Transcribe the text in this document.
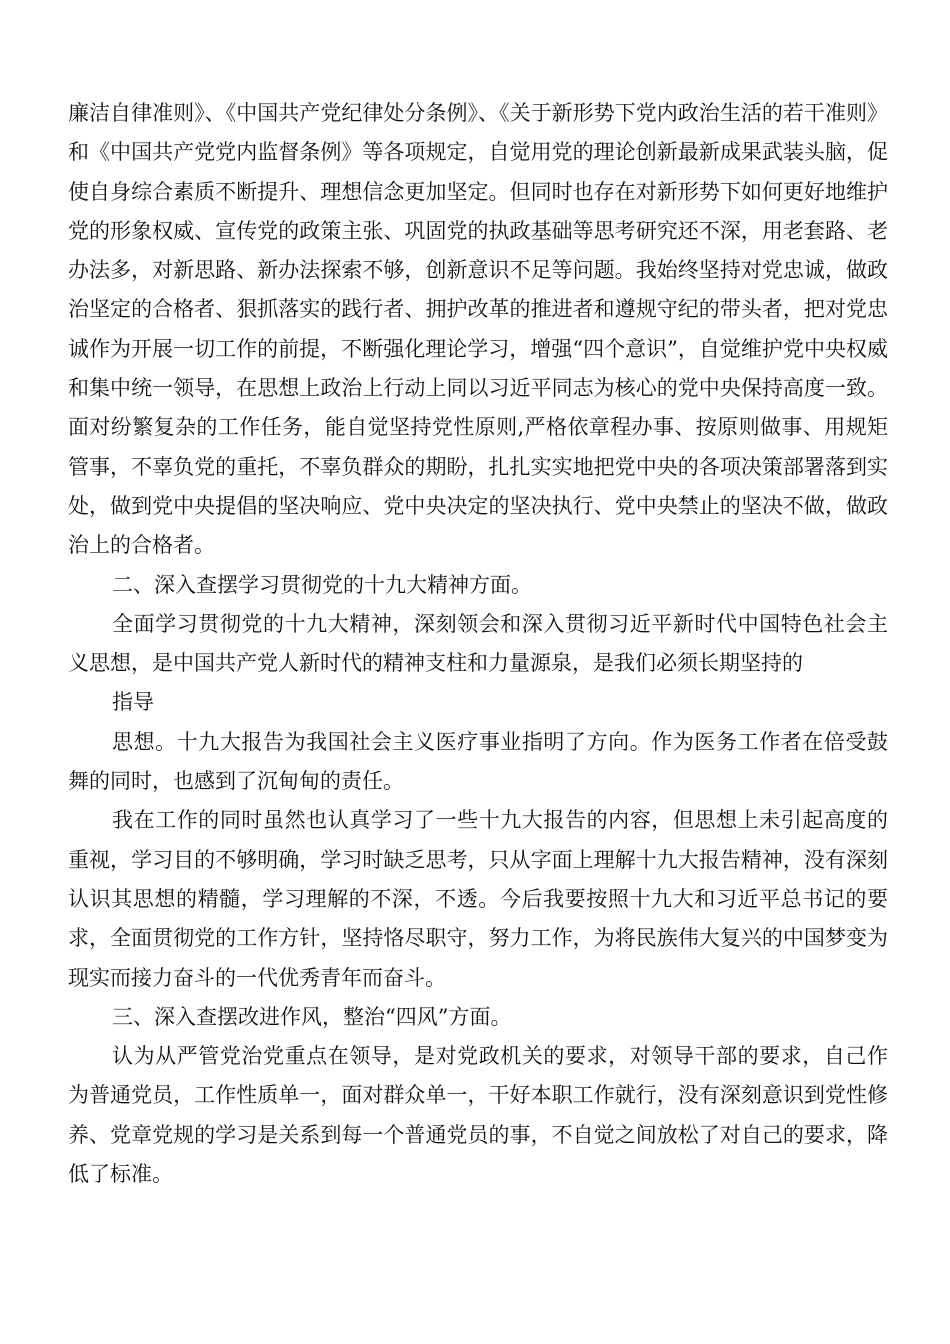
廉洁自律准则》、《中国共产党纪律处分条例》、《关于新形势下党内政治生活的若干准则》和《中国共产党党内监督条例》等各项规定，自觉用党的理论创新最新成果武装头脑，促使自身综合素质不断提升、理想信念更加坚定。但同时也存在对新形势下如何更好地维护党的形象权威、宣传党的政策主张、巩固党的执政基础等思考研究还不深，用老套路、老办法多，对新思路、新办法探索不够，创新意识不足等问题。我始终坚持对党忠诚，做政治坚定的合格者、狠抓落实的践行者、拥护改革的推进者和遵规守纪的带头者，把对党忠诚作为开展一切工作的前提，不断强化理论学习，增强“四个意识”，自觉维护党中央权威和集中统一领导，在思想上政治上行动上同以习近平同志为核心的党中央保持高度一致。面对纷繁复杂的工作任务，能自觉坚持党性原则,严格依章程办事、按原则做事、用规矩管事，不辜负党的重托，不辜负群众的期盼，扎扎实实地把党中央的各项决策部署落到实处，做到党中央提倡的坚决响应、党中央决定的坚决执行、党中央禁止的坚决不做，做政治上的合格者。

二、深入查摆学习贯彻党的十九大精神方面。

全面学习贯彻党的十九大精神，深刻领会和深入贯彻习近平新时代中国特色社会主义思想，是中国共产党人新时代的精神支柱和力量源泉，是我们必须长期坚持的

指导

思想。十九大报告为我国社会主义医疗事业指明了方向。作为医务工作者在倍受鼓舞的同时，也感到了沉甸甸的责任。

我在工作的同时虽然也认真学习了一些十九大报告的内容，但思想上未引起高度的重视，学习目的不够明确，学习时缺乏思考，只从字面上理解十九大报告精神，没有深刻认识其思想的精髓，学习理解的不深，不透。今后我要按照十九大和习近平总书记的要求，全面贯彻党的工作方针，坚持恪尽职守，努力工作，为将民族伟大复兴的中国梦变为现实而接力奋斗的一代优秀青年而奋斗。

三、深入查摆改进作风，整治“四风”方面。

认为从严管党治党重点在领导，是对党政机关的要求，对领导干部的要求，自己作为普通党员，工作性质单一，面对群众单一，干好本职工作就行，没有深刻意识到党性修养、党章党规的学习是关系到每一个普通党员的事，不自觉之间放松了对自己的要求，降低了标准。
